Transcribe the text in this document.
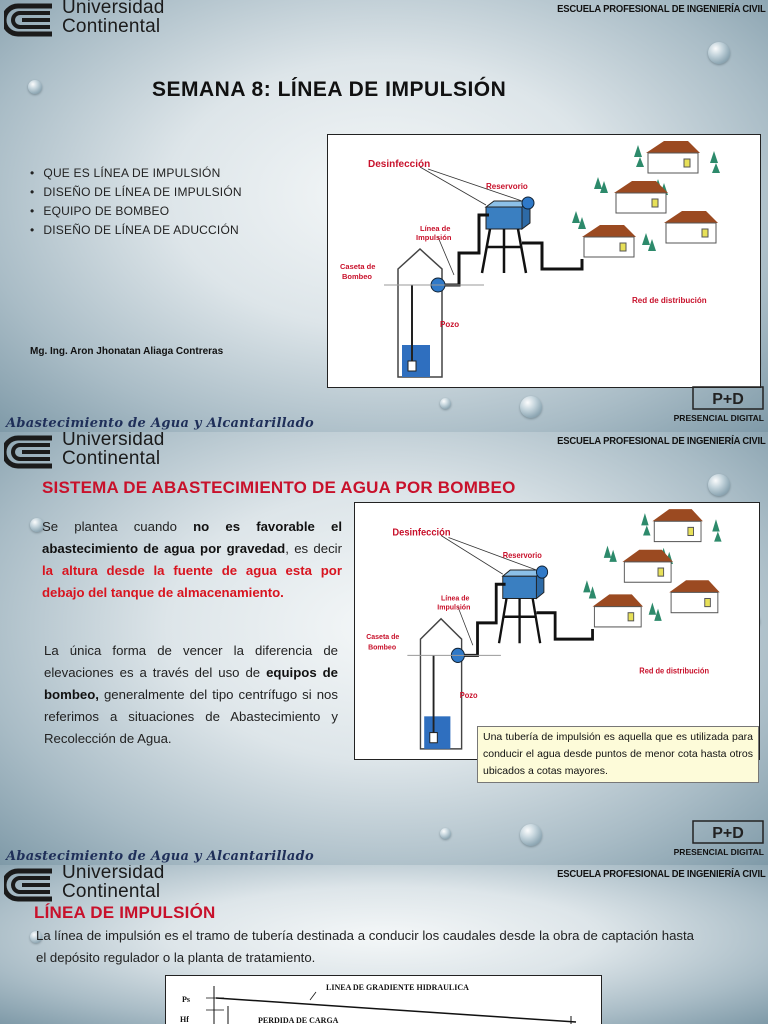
Universidad
Continental
ESCUELA PROFESIONAL DE INGENIERÍA CIVIL
SEMANA 8: LÍNEA DE IMPULSIÓN
• QUE ES LÍNEA DE IMPULSIÓN
• DISEÑO DE LÍNEA DE IMPULSIÓN
• EQUIPO DE BOMBEO
• DISEÑO DE LÍNEA DE ADUCCIÓN
Mg. Ing. Aron Jhonatan Aliaga Contreras
Desinfección
Reservorio
Línea de
Impulsión
Caseta de
Bombeo
Pozo
Red de distribución
Abastecimiento de Agua y Alcantarillado
P+D
PRESENCIAL DIGITAL
Universidad
Continental
ESCUELA PROFESIONAL DE INGENIERÍA CIVIL
SISTEMA DE ABASTECIMIENTO DE AGUA POR BOMBEO
Se plantea cuando no es favorable el abastecimiento de agua por gravedad, es decir la altura desde la fuente de agua esta por debajo del tanque de almacenamiento.
La única forma de vencer la diferencia de elevaciones es a través del uso de equipos de bombeo, generalmente del tipo centrífugo si nos referimos a situaciones de Abastecimiento y Recolección de Agua.
Desinfección
Reservorio
Línea de
Impulsión
Caseta de
Bombeo
Pozo
Red de distribución
Una tubería de impulsión es aquella que es utilizada para conducir el agua desde puntos de menor cota hasta otros ubicados a cotas mayores.
Abastecimiento de Agua y Alcantarillado
P+D
PRESENCIAL DIGITAL
Universidad
Continental
ESCUELA PROFESIONAL DE INGENIERÍA CIVIL
LÍNEA DE IMPULSIÓN
La línea de impulsión es el tramo de tubería destinada a conducir los caudales desde la obra de captación hasta el depósito regulador o la planta de tratamiento.
Ps
Hf
LINEA DE GRADIENTE HIDRAULICA
PERDIDA DE CARGA
